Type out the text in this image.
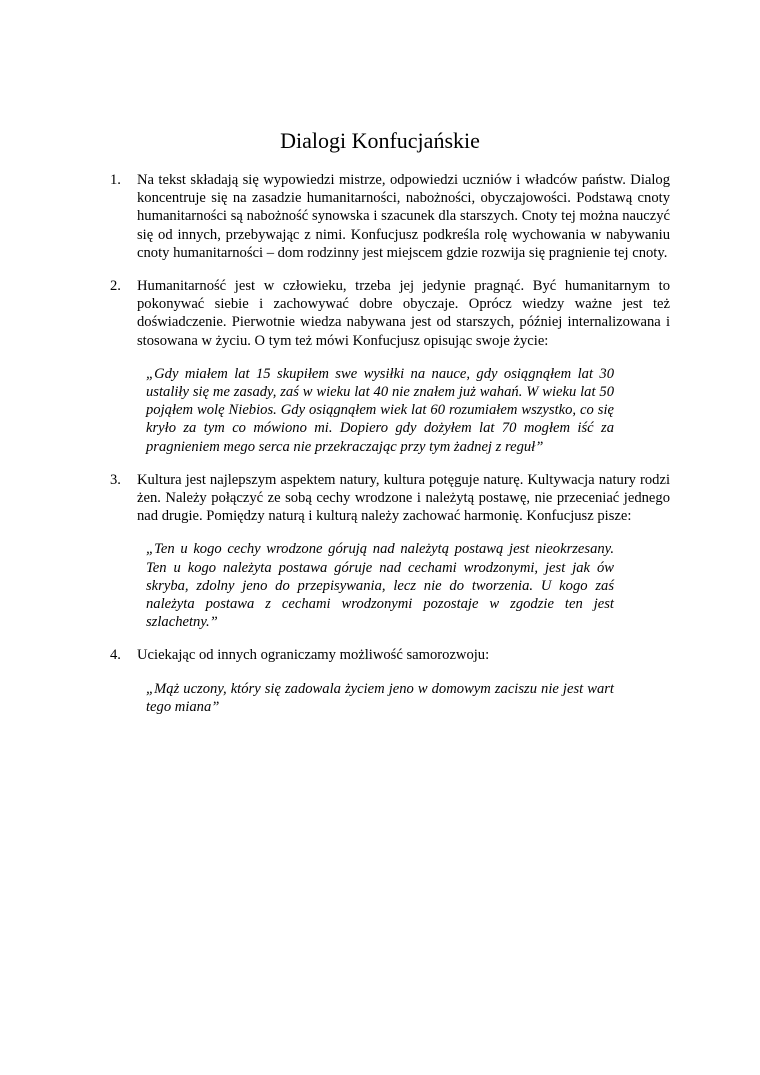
Dialogi Konfucjańskie
1. Na tekst składają się wypowiedzi mistrze, odpowiedzi uczniów i władców państw. Dialog koncentruje się na zasadzie humanitarności, nabożności, obyczajowości. Podstawą cnoty humanitarności są nabożność synowska i szacunek dla starszych. Cnoty tej można nauczyć się od innych, przebywając z nimi. Konfucjusz podkreśla rolę wychowania w nabywaniu cnoty humanitarności – dom rodzinny jest miejscem gdzie rozwija się pragnienie tej cnoty.

2. Humanitarność jest w człowieku, trzeba jej jedynie pragnąć. Być humanitarnym to pokonywać siebie i zachowywać dobre obyczaje. Oprócz wiedzy ważne jest też doświadczenie. Pierwotnie wiedza nabywana jest od starszych, później internalizowana i stosowana w życiu. O tym też mówi Konfucjusz opisując swoje życie:

„Gdy miałem lat 15 skupiłem swe wysiłki na nauce, gdy osiągnąłem lat 30 ustaliły się me zasady, zaś w wieku lat 40 nie znałem już wahań. W wieku lat 50 pojąłem wolę Niebios. Gdy osiągnąłem wiek lat 60 rozumiałem wszystko, co się kryło za tym co mówiono mi. Dopiero gdy dożyłem lat 70 mogłem iść za pragnieniem mego serca nie przekraczając przy tym żadnej z reguł”

3. Kultura jest najlepszym aspektem natury, kultura potęguje naturę. Kultywacja natury rodzi żen. Należy połączyć ze sobą cechy wrodzone i należytą postawę, nie przeceniać jednego nad drugie. Pomiędzy naturą i kulturą należy zachować harmonię. Konfucjusz pisze:

„Ten u kogo cechy wrodzone górują nad należytą postawą jest nieokrzesany. Ten u kogo należyta postawa góruje nad cechami wrodzonymi, jest jak ów skryba, zdolny jeno do przepisywania, lecz nie do tworzenia. U kogo zaś należyta postawa z cechami wrodzonymi pozostaje w zgodzie ten jest szlachetny.”

4. Uciekając od innych ograniczamy możliwość samorozwoju:

„Mąż uczony, który się zadowala życiem jeno w domowym zaciszu nie jest wart tego miana”
